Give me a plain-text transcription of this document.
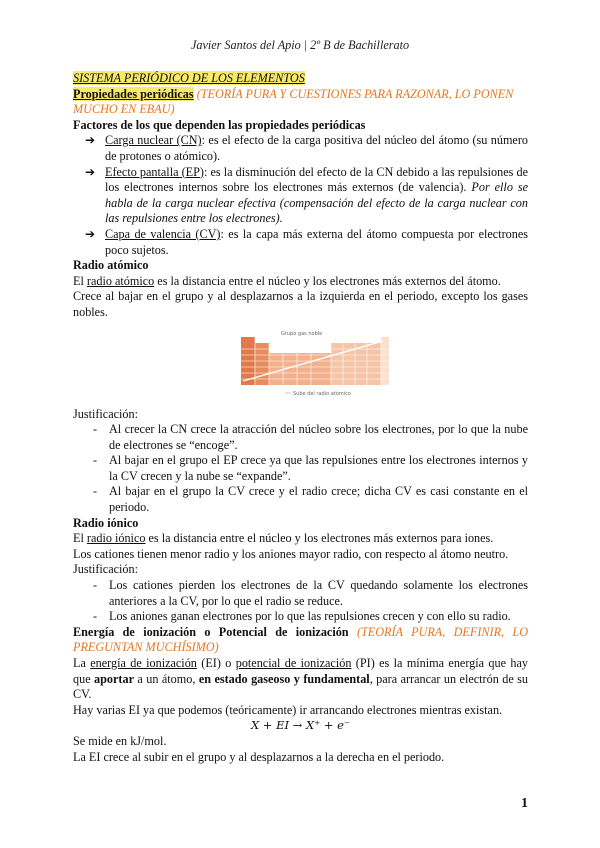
Javier Santos del Apio | 2º B de Bachillerato

SISTEMA PERIÓDICO DE LOS ELEMENTOS

Propiedades periódicas (TEORÍA PURA Y CUESTIONES PARA RAZONAR, LO PONEN MUCHO EN EBAU)

Factores de los que dependen las propiedades periódicas

➔ Carga nuclear (CN): es el efecto de la carga positiva del núcleo del átomo (su número de protones o atómico).
➔ Efecto pantalla (EP): es la disminución del efecto de la CN debido a las repulsiones de los electrones internos sobre los electrones más externos (de valencia). Por ello se habla de la carga nuclear efectiva (compensación del efecto de la carga nuclear con las repulsiones entre los electrones).
➔ Capa de valencia (CV): es la capa más externa del átomo compuesta por electrones poco sujetos.

Radio atómico

El radio atómico es la distancia entre el núcleo y los electrones más externos del átomo.

Crece al bajar en el grupo y al desplazarnos a la izquierda en el periodo, excepto los gases nobles.

Grupo gas noble
Sube del radio atómico

Justificación:

- Al crecer la CN crece la atracción del núcleo sobre los electrones, por lo que la nube de electrones se “encoge”.
- Al bajar en el grupo el EP crece ya que las repulsiones entre los electrones internos y la CV crecen y la nube se “expande”.
- Al bajar en el grupo la CV crece y el radio crece; dicha CV es casi constante en el periodo.

Radio iónico

El radio iónico es la distancia entre el núcleo y los electrones más externos para iones.

Los cationes tienen menor radio y los aniones mayor radio, con respecto al átomo neutro.

Justificación:

- Los cationes pierden los electrones de la CV quedando solamente los electrones anteriores a la CV, por lo que el radio se reduce.
- Los aniones ganan electrones por lo que las repulsiones crecen y con ello su radio.

Energía de ionización o Potencial de ionización (TEORÍA PURA, DEFINIR, LO PREGUNTAN MUCHÍSIMO)

La energía de ionización (EI) o potencial de ionización (PI) es la mínima energía que hay que aportar a un átomo, en estado gaseoso y fundamental, para arrancar un electrón de su CV.

Hay varias EI ya que podemos (teóricamente) ir arrancando electrones mientras existan.

X + EI → X⁺ + e⁻

Se mide en kJ/mol.

La EI crece al subir en el grupo y al desplazarnos a la derecha en el periodo.

1
